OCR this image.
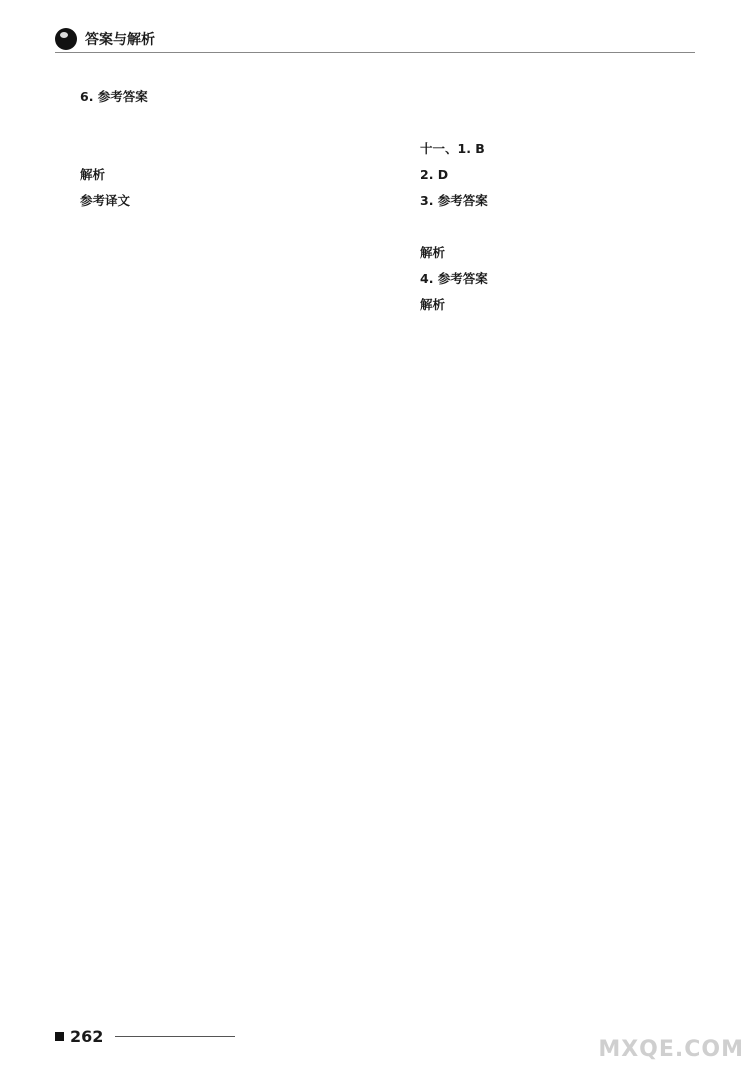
答案与解析

6. 参考答案

解析

参考译文

十一、1. B

2. D

3. 参考答案

解析

4. 参考答案

解析

262
MXQE.COM
